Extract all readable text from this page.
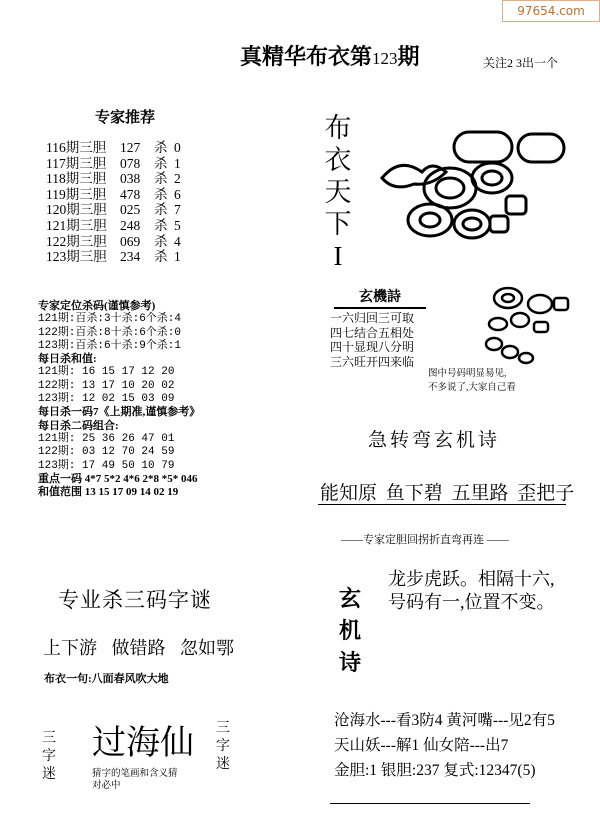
97654.com
真精华布衣第123期	关注2 3出一个
专家推荐
116期三胆 127 杀 0
117期三胆 078 杀 1
118期三胆 038 杀 2
119期三胆 478 杀 6
120期三胆 025 杀 7
121期三胆 248 杀 5
122期三胆 069 杀 4
123期三胆 234 杀 1
布
衣
天
下
I
玄機詩
一六归回三可取
四七结合五相处
四十显现八分明
三六旺开四来临
图中号码明显易见,
不多说了,大家自己看
专家定位杀码(谨慎参考)
121期:百杀:3十杀:6个杀:4
122期:百杀:8十杀:6个杀:0
123期:百杀:6十杀:9个杀:1
每日杀和值:
121期: 16 15 17 12 20
122期: 13 17 10 20 02
123期: 12 02 15 03 09
每日杀一码7《上期准,谨慎参考》
每日杀二码组合:
121期: 25 36 26 47 01
122期: 03 12 70 24 59
123期: 17 49 50 10 79
重点一码 4*7 5*2 4*6 2*8 *5* 046
和值范围 13 15 17 09 14 02 19
急转弯玄机诗
能知原 鱼下碧 五里路 歪把子
——专家定胆回拐折直弯再连 ——
专业杀三码字谜
上下游 做错路 忽如鄂
布衣一句:八面春风吹大地
玄
机
诗
龙步虎跃。相隔十六,
号码有一,位置不变。
三
字
迷
过海仙
猜字的笔画和含义猜
对必中
三
字
迷
沧海水---看3防4 黄河嘴---见2有5
天山妖---解1 仙女陪---出7
金胆:1 银胆:237 复式:12347(5)
